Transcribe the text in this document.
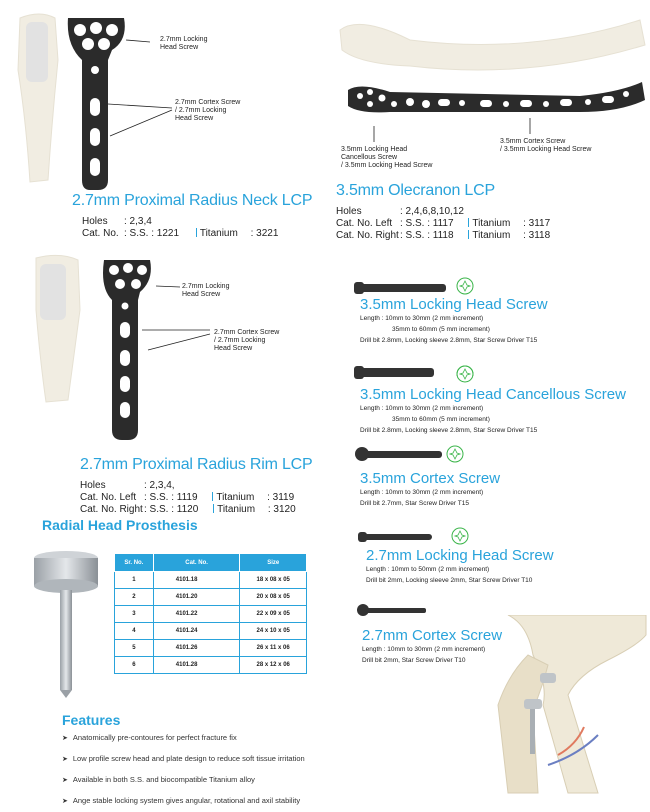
2.7mm Locking
Head Screw
2.7mm Cortex Screw
/ 2.7mm Locking
Head Screw
2.7mm Proximal Radius Neck LCP
Holes : 2,3,4
Cat. No. : S.S. : 1221 Titanium : 3221
3.5mm Locking Head
Cancellous Screw
/ 3.5mm Locking Head Screw
3.5mm Cortex Screw
/ 3.5mm Locking Head Screw
3.5mm Olecranon LCP
Holes	: 2,4,6,8,10,12
Cat. No. Left : S.S. : 1117 Titanium : 3117
Cat. No. Right: S.S. : 1118 Titanium : 3118
2.7mm Locking
Head Screw
2.7mm Cortex Screw
/ 2.7mm Locking
Head Screw
2.7mm Proximal Radius Rim LCP
Holes	: 2,3,4,
Cat. No. Left : S.S. : 1119 Titanium : 3119
Cat. No. Right: S.S. : 1120 Titanium : 3120
3.5mm Locking Head Screw
Length : 10mm to 30mm (2 mm increment)
35mm to 60mm (5 mm increment)
Drill bit 2.8mm, Locking sleeve 2.8mm, Star Screw Driver T15
3.5mm Locking Head Cancellous Screw
Length : 10mm to 30mm (2 mm increment)
35mm to 60mm (5 mm increment)
Drill bit 2.8mm, Locking sleeve 2.8mm, Star Screw Driver T15
3.5mm Cortex Screw
Length : 10mm to 30mm (2 mm increment)
Drill bit 2.7mm, Star Screw Driver T15
2.7mm Locking Head Screw
Length : 10mm to 50mm (2 mm increment)
Drill bit 2mm, Locking sleeve 2mm, Star Screw Driver T10
2.7mm Cortex Screw
Length : 10mm to 30mm (2 mm increment)
Drill bit 2mm, Star Screw Driver T10
Radial Head Prosthesis
Sr. No.	Cat. No.	Size
1	4101.18	18 x 08 x 05
2	4101.20	20 x 08 x 05
3	4101.22	22 x 09 x 05
4	4101.24	24 x 10 x 05
5	4101.26	26 x 11 x 06
6	4101.28	28 x 12 x 06
Features
➤ Anatomically pre-contoures for perfect fracture fix
➤ Low profile screw head and plate design to reduce soft tissue irritation
➤ Available in both S.S. and biocompatible Titanium alloy
➤ Ange stable locking system gives angular, rotational and axil stability
